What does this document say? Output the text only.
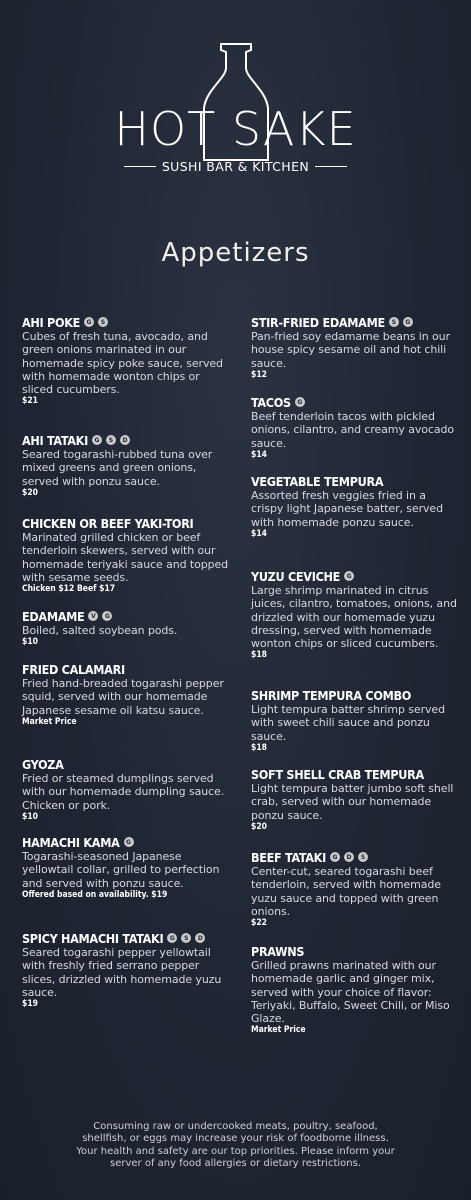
HOT SAKE
SUSHI BAR & KITCHEN
Appetizers
AHI POKE	G	S
Cubes of fresh tuna, avocado, and green onions marinated in our homemade spicy poke sauce, served with homemade wonton chips or sliced cucumbers.
$21
AHI TATAKI	G	S	D
Seared togarashi-rubbed tuna over mixed greens and green onions, served with ponzu sauce.
$20
CHICKEN OR BEEF YAKI-TORI
Marinated grilled chicken or beef tenderloin skewers, served with our homemade teriyaki sauce and topped with sesame seeds.
Chicken $12 Beef $17
EDAMAME	V	G
Boiled, salted soybean pods.
$10
FRIED CALAMARI
Fried hand-breaded togarashi pepper squid, served with our homemade Japanese sesame oil katsu sauce.
Market Price
GYOZA
Fried or steamed dumplings served with our homemade dumpling sauce. Chicken or pork.
$10
HAMACHI KAMA	G
Togarashi-seasoned Japanese yellowtail collar, grilled to perfection and served with ponzu sauce.
Offered based on availability. $19
SPICY HAMACHI TATAKI	G	S	D
Seared togarashi pepper yellowtail with freshly fried serrano pepper slices, drizzled with homemade yuzu sauce.
$19
STIR-FRIED EDAMAME	S	G
Pan-fried soy edamame beans in our house spicy sesame oil and hot chili sauce.
$12
TACOS	G
Beef tenderloin tacos with pickled onions, cilantro, and creamy avocado sauce.
$14
VEGETABLE TEMPURA
Assorted fresh veggies fried in a crispy light Japanese batter, served with homemade ponzu sauce.
$14
YUZU CEVICHE	G
Large shrimp marinated in citrus juices, cilantro, tomatoes, onions, and drizzled with our homemade yuzu dressing, served with homemade wonton chips or sliced cucumbers.
$18
SHRIMP TEMPURA COMBO
Light tempura batter shrimp served with sweet chili sauce and ponzu sauce.
$18
SOFT SHELL CRAB TEMPURA
Light tempura batter jumbo soft shell crab, served with our homemade ponzu sauce.
$20
BEEF TATAKI	G	D	S
Center-cut, seared togarashi beef tenderloin, served with homemade yuzu sauce and topped with green onions.
$22
PRAWNS
Grilled prawns marinated with our homemade garlic and ginger mix, served with your choice of flavor: Teriyaki, Buffalo, Sweet Chili, or Miso Glaze.
Market Price
Consuming raw or undercooked meats, poultry, seafood, shellfish, or eggs may increase your risk of foodborne illness. Your health and safety are our top priorities. Please inform your server of any food allergies or dietary restrictions.
